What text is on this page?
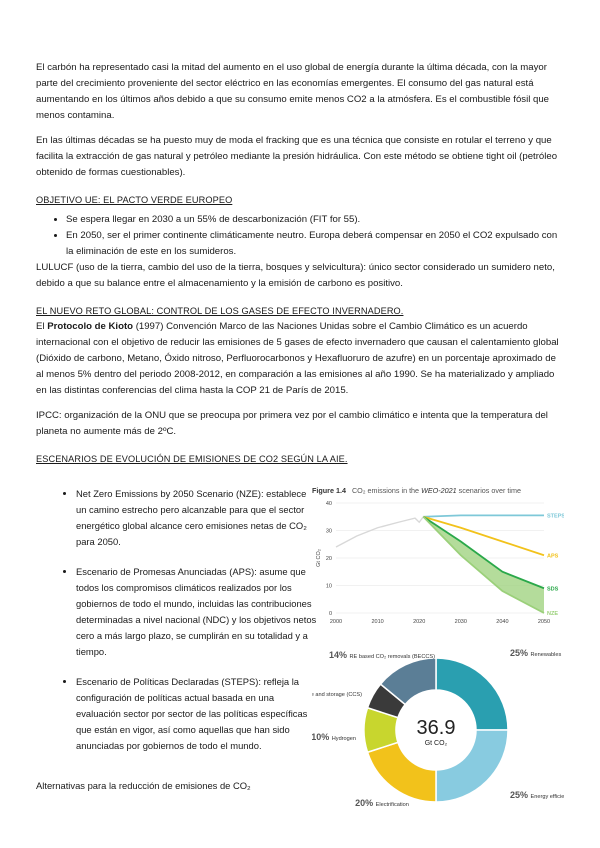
El carbón ha representado casi la mitad del aumento en el uso global de energía durante la última década, con la mayor parte del crecimiento proveniente del sector eléctrico en las economías emergentes. El consumo del gas natural está aumentando en los últimos años debido a que su consumo emite menos CO2 a la atmósfera. Es el combustible fósil que menos contamina.

En las últimas décadas se ha puesto muy de moda el fracking que es una técnica que consiste en rotular el terreno y que facilita la extracción de gas natural y petróleo mediante la presión hidráulica. Con este método se obtiene tight oil (petróleo obtenido de formas cuestionables).

OBJETIVO UE: EL PACTO VERDE EUROPEO

• Se espera llegar en 2030 a un 55% de descarbonización (FIT for 55).
• En 2050, ser el primer continente climáticamente neutro. Europa deberá compensar en 2050 el CO2 expulsado con la eliminación de este en los sumideros.

LULUCF (uso de la tierra, cambio del uso de la tierra, bosques y selvicultura): único sector considerado un sumidero neto, debido a que su balance entre el almacenamiento y la emisión de carbono es positivo.

EL NUEVO RETO GLOBAL: CONTROL DE LOS GASES DE EFECTO INVERNADERO.

El Protocolo de Kioto (1997) Convención Marco de las Naciones Unidas sobre el Cambio Climático es un acuerdo internacional con el objetivo de reducir las emisiones de 5 gases de efecto invernadero que causan el calentamiento global (Dióxido de carbono, Metano, Óxido nitroso, Perfluorocarbonos y Hexafluoruro de azufre) en un porcentaje aproximado de al menos 5% dentro del periodo 2008-2012, en comparación a las emisiones al año 1990. Se ha materializado y ampliado en las distintas conferencias del clima hasta la COP 21 de París de 2015.

IPCC: organización de la ONU que se preocupa por primera vez por el cambio climático e intenta que la temperatura del planeta no aumente más de 2ºC.

ESCENARIOS DE EVOLUCIÓN DE EMISIONES DE CO2 SEGÚN LA AIE.

• Net Zero Emissions by 2050 Scenario (NZE): establece un camino estrecho pero alcanzable para que el sector energético global alcance cero emisiones netas de CO₂ para 2050.
• Escenario de Promesas Anunciadas (APS): asume que todos los compromisos climáticos realizados por los gobiernos de todo el mundo, incluidas las contribuciones determinadas a nivel nacional (NDC) y los objetivos netos cero a más largo plazo, se cumplirán en su totalidad y a tiempo.
• Escenario de Políticas Declaradas (STEPS): refleja la configuración de políticas actual basada en una evaluación sector por sector de las políticas específicas que están en vigor, así como aquellas que han sido anunciadas por gobiernos de todo el mundo.
Figure 1.4 CO₂ emissions in the WEO-2021 scenarios over time
0
10
20
30
40
2000	2010	2020	2030	2040	2050
Gt CO₂
STEPS
APS
SDS
NZE

25% Renewables
25% Energy efficie
20% Electrification
10% Hydrogen
and storage (CCS)
14% RE based CO₂ removals (BECCS)
36.9
Gt CO₂
Alternativas para la reducción de emisiones de CO₂
